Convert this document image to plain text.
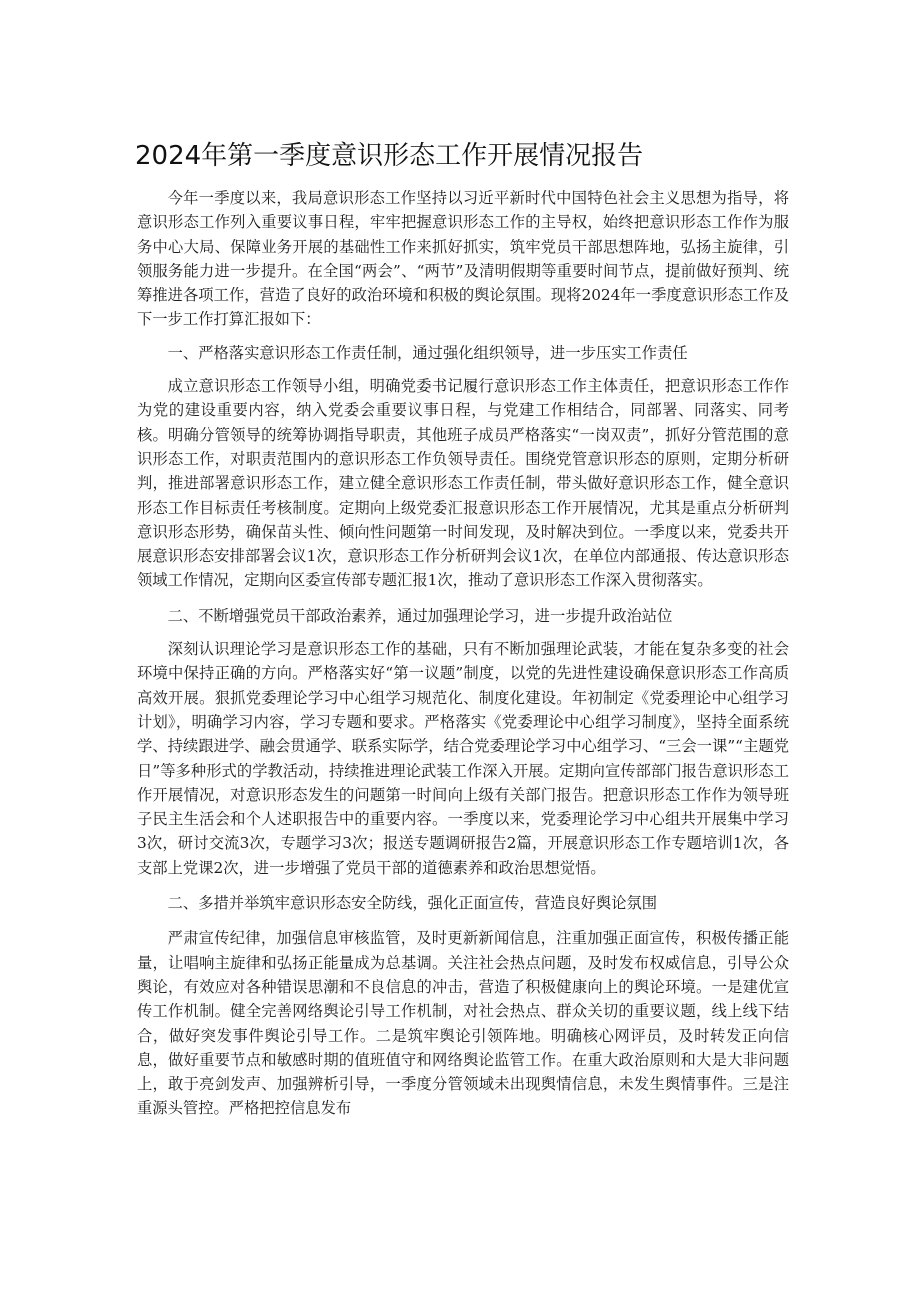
2024年第一季度意识形态工作开展情况报告

今年一季度以来，我局意识形态工作坚持以习近平新时代中国特色社会主义思想为指导，将意识形态工作列入重要议事日程，牢牢把握意识形态工作的主导权，始终把意识形态工作作为服务中心大局、保障业务开展的基础性工作来抓好抓实，筑牢党员干部思想阵地，弘扬主旋律，引领服务能力进一步提升。在全国“两会”、“两节”及清明假期等重要时间节点，提前做好预判、统筹推进各项工作，营造了良好的政治环境和积极的舆论氛围。现将2024年一季度意识形态工作及下一步工作打算汇报如下：

一、严格落实意识形态工作责任制，通过强化组织领导，进一步压实工作责任

成立意识形态工作领导小组，明确党委书记履行意识形态工作主体责任，把意识形态工作作为党的建设重要内容，纳入党委会重要议事日程，与党建工作相结合，同部署、同落实、同考核。明确分管领导的统筹协调指导职责，其他班子成员严格落实“一岗双责”，抓好分管范围的意识形态工作，对职责范围内的意识形态工作负领导责任。围绕党管意识形态的原则，定期分析研判，推进部署意识形态工作，建立健全意识形态工作责任制，带头做好意识形态工作，健全意识形态工作目标责任考核制度。定期向上级党委汇报意识形态工作开展情况，尤其是重点分析研判意识形态形势，确保苗头性、倾向性问题第一时间发现，及时解决到位。一季度以来，党委共开展意识形态安排部署会议1次，意识形态工作分析研判会议1次，在单位内部通报、传达意识形态领域工作情况，定期向区委宣传部专题汇报1次，推动了意识形态工作深入贯彻落实。

二、不断增强党员干部政治素养，通过加强理论学习，进一步提升政治站位

深刻认识理论学习是意识形态工作的基础，只有不断加强理论武装，才能在复杂多变的社会环境中保持正确的方向。严格落实好“第一议题”制度，以党的先进性建设确保意识形态工作高质高效开展。狠抓党委理论学习中心组学习规范化、制度化建设。年初制定《党委理论中心组学习计划》，明确学习内容，学习专题和要求。严格落实《党委理论中心组学习制度》，坚持全面系统学、持续跟进学、融会贯通学、联系实际学，结合党委理论学习中心组学习、“三会一课”“主题党日”等多种形式的学教活动，持续推进理论武装工作深入开展。定期向宣传部部门报告意识形态工作开展情况，对意识形态发生的问题第一时间向上级有关部门报告。把意识形态工作作为领导班子民主生活会和个人述职报告中的重要内容。一季度以来，党委理论学习中心组共开展集中学习3次，研讨交流3次，专题学习3次；报送专题调研报告2篇，开展意识形态工作专题培训1次，各支部上党课2次，进一步增强了党员干部的道德素养和政治思想觉悟。

二、多措并举筑牢意识形态安全防线，强化正面宣传，营造良好舆论氛围

严肃宣传纪律，加强信息审核监管，及时更新新闻信息，注重加强正面宣传，积极传播正能量，让唱响主旋律和弘扬正能量成为总基调。关注社会热点问题，及时发布权威信息，引导公众舆论，有效应对各种错误思潮和不良信息的冲击，营造了积极健康向上的舆论环境。一是建优宣传工作机制。健全完善网络舆论引导工作机制，对社会热点、群众关切的重要议题，线上线下结合，做好突发事件舆论引导工作。二是筑牢舆论引领阵地。明确核心网评员，及时转发正向信息，做好重要节点和敏感时期的值班值守和网络舆论监管工作。在重大政治原则和大是大非问题上，敢于亮剑发声、加强辨析引导，一季度分管领域未出现舆情信息，未发生舆情事件。三是注重源头管控。严格把控信息发布
